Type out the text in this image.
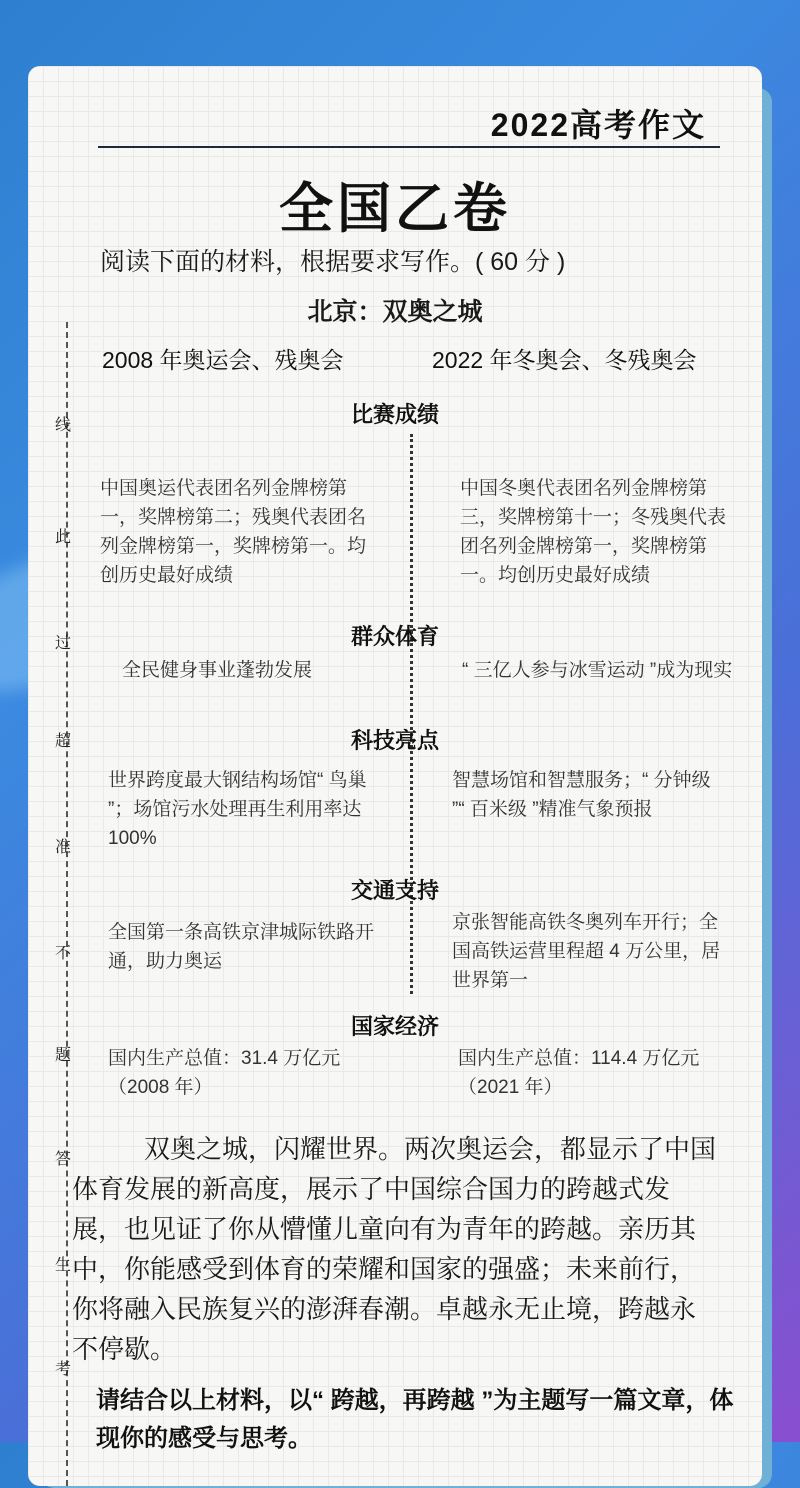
2022高考作文
全国乙卷
阅读下面的材料，根据要求写作。( 60 分 )
北京：双奥之城
线
此
过
超
准
不
题
答
生
考
2008 年奥运会、残奥会	2022 年冬奥会、冬残奥会
比赛成绩
中国奥运代表团名列金牌榜第一，奖牌榜第二；残奥代表团名列金牌榜第一，奖牌榜第一。均创历史最好成绩
中国冬奥代表团名列金牌榜第三，奖牌榜第十一；冬残奥代表团名列金牌榜第一，奖牌榜第一。均创历史最好成绩
群众体育
全民健身事业蓬勃发展	“ 三亿人参与冰雪运动 ”成为现实
科技亮点
世界跨度最大钢结构场馆“ 鸟巢 ”；场馆污水处理再生利用率达 100%
智慧场馆和智慧服务；“ 分钟级 ”“ 百米级 ”精准气象预报
交通支持
全国第一条高铁京津城际铁路开通，助力奥运
京张智能高铁冬奥列车开行；全国高铁运营里程超 4 万公里，居世界第一
国家经济
国内生产总值：31.4 万亿元（2008 年）
国内生产总值：114.4 万亿元（2021 年）
双奥之城，闪耀世界。两次奥运会，都显示了中国体育发展的新高度，展示了中国综合国力的跨越式发展，也见证了你从懵懂儿童向有为青年的跨越。亲历其中，你能感受到体育的荣耀和国家的强盛；未来前行，你将融入民族复兴的澎湃春潮。卓越永无止境，跨越永不停歇。
请结合以上材料，以“ 跨越，再跨越 ”为主题写一篇文章，体现你的感受与思考。
